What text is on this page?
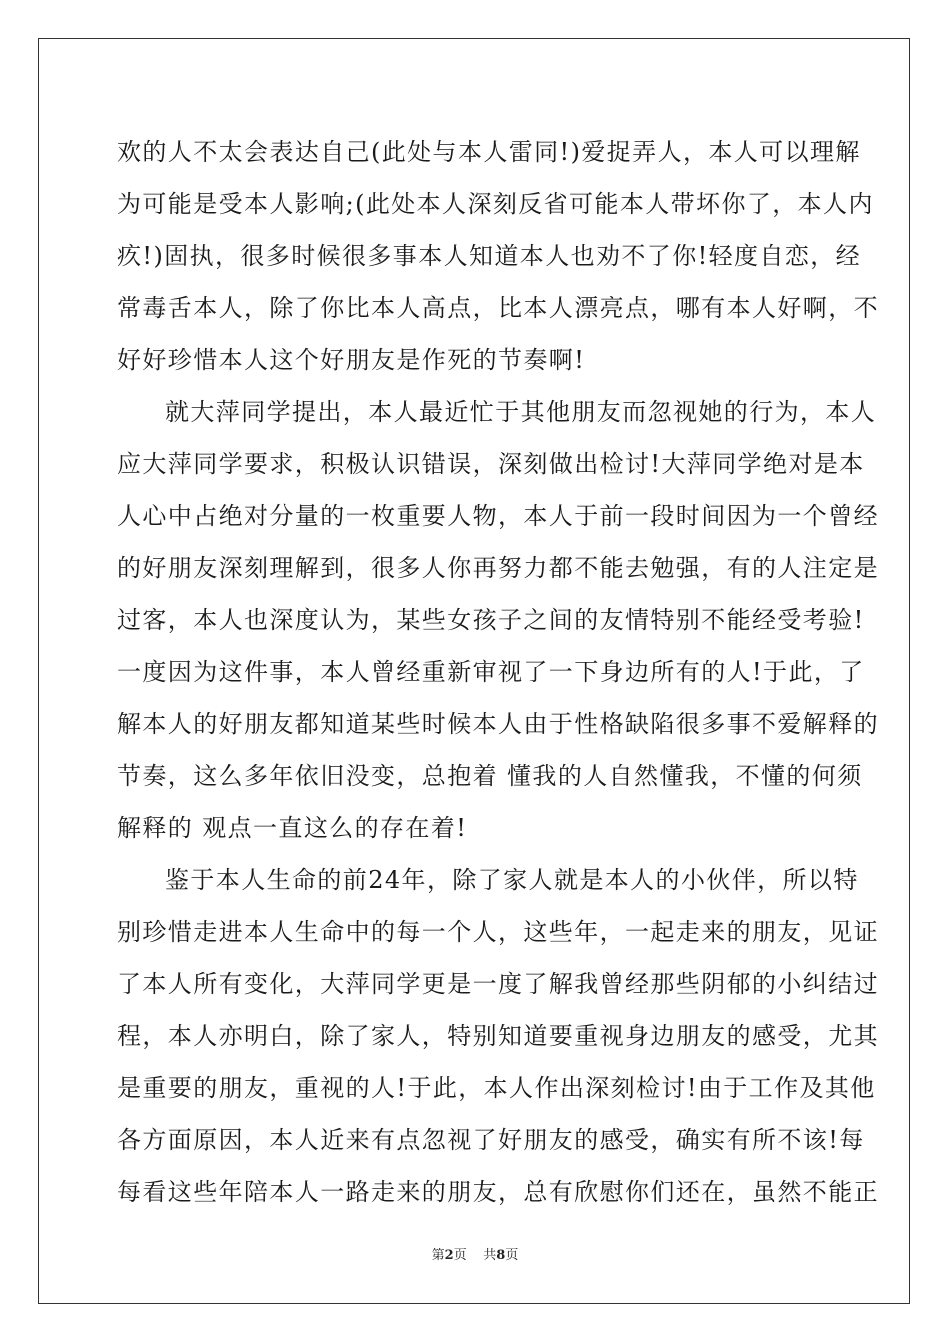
欢的人不太会表达自己(此处与本人雷同!)爱捉弄人，本人可以理解
为可能是受本人影响;(此处本人深刻反省可能本人带坏你了，本人内
疚!)固执，很多时候很多事本人知道本人也劝不了你!轻度自恋，经
常毒舌本人，除了你比本人高点，比本人漂亮点，哪有本人好啊，不
好好珍惜本人这个好朋友是作死的节奏啊!
就大萍同学提出，本人最近忙于其他朋友而忽视她的行为，本人
应大萍同学要求，积极认识错误，深刻做出检讨!大萍同学绝对是本
人心中占绝对分量的一枚重要人物，本人于前一段时间因为一个曾经
的好朋友深刻理解到，很多人你再努力都不能去勉强，有的人注定是
过客，本人也深度认为，某些女孩子之间的友情特别不能经受考验!
一度因为这件事，本人曾经重新审视了一下身边所有的人!于此，了
解本人的好朋友都知道某些时候本人由于性格缺陷很多事不爱解释的
节奏，这么多年依旧没变，总抱着 懂我的人自然懂我，不懂的何须
解释的 观点一直这么的存在着!
鉴于本人生命的前24年，除了家人就是本人的小伙伴，所以特
别珍惜走进本人生命中的每一个人，这些年，一起走来的朋友，见证
了本人所有变化，大萍同学更是一度了解我曾经那些阴郁的小纠结过
程，本人亦明白，除了家人，特别知道要重视身边朋友的感受，尤其
是重要的朋友，重视的人!于此，本人作出深刻检讨!由于工作及其他
各方面原因，本人近来有点忽视了好朋友的感受，确实有所不该!每
每看这些年陪本人一路走来的朋友，总有欣慰你们还在，虽然不能正
第2页 共8页
